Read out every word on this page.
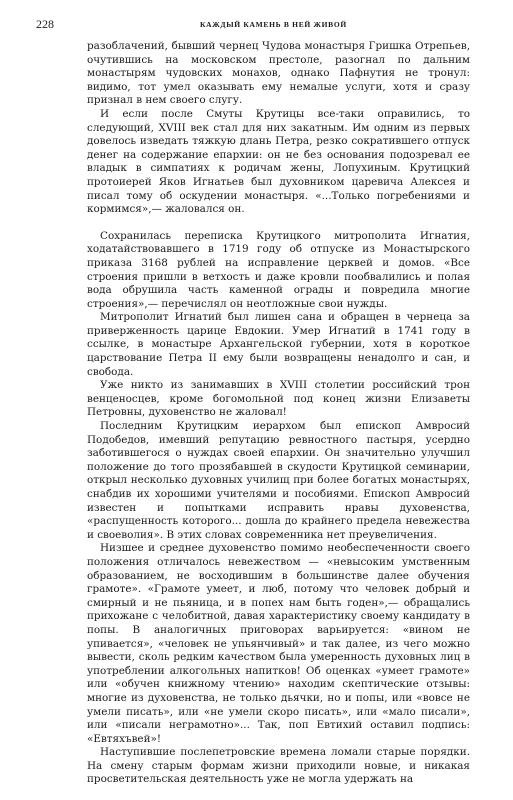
228	КАЖДЫЙ КАМЕНЬ В НЕЙ ЖИВОЙ

разоблачений, бывший чернец Чудова монастыря Гришка Отрепьев, очутившись на московском престоле, разогнал по дальним монастырям чудовских монахов, однако Пафнутия не тронул: видимо, тот умел оказывать ему немалые услуги, хотя и сразу признал в нем своего слугу.

И если после Смуты Крутицы все-таки оправились, то следующий, XVIII век стал для них закатным. Им одним из первых довелось изведать тяжкую длань Петра, резко сократившего отпуск денег на содержание епархии: он не без основания подозревал ее владык в симпатиях к родичам жены, Лопухиным. Крутицкий протоиерей Яков Игнатьев был духовником царевича Алексея и писал тому об оскудении монастыря. «...Только погребениями и кормимся»,— жаловался он.

Сохранилась переписка Крутицкого митрополита Игнатия, ходатайствовавшего в 1719 году об отпуске из Монастырского приказа 3168 рублей на исправление церквей и домов. «Все строения пришли в ветхость и даже кровли пообвалились и полая вода обрушила часть каменной ограды и повредила многие строения»,— перечислял он неотложные свои нужды.

Митрополит Игнатий был лишен сана и обращен в чернеца за приверженность царице Евдокии. Умер Игнатий в 1741 году в ссылке, в монастыре Архангельской губернии, хотя в короткое царствование Петра II ему были возвращены ненадолго и сан, и свобода.

Уже никто из занимавших в XVIII столетии российский трон венценосцев, кроме богомольной под конец жизни Елизаветы Петровны, духовенство не жаловал!

Последним Крутицким иерархом был епископ Амвросий Подобедов, имевший репутацию ревностного пастыря, усердно заботившегося о нуждах своей епархии. Он значительно улучшил положение до того прозябавшей в скудости Крутицкой семинарии, открыл несколько духовных училищ при более богатых монастырях, снабдив их хорошими учителями и пособиями. Епископ Амвросий известен и попытками исправить нравы духовенства, «распущенность которого... дошла до крайнего предела невежества и своеволия». В этих словах современника нет преувеличения.

Низшее и среднее духовенство помимо необеспеченности своего положения отличалось невежеством — «невысоким умственным образованием, не восходившим в большинстве далее обучения грамоте». «Грамоте умеет, и люб, потому что человек добрый и смирный и не пьяница, и в попех нам быть годен»,— обращались прихожане с челобитной, давая характеристику своему кандидату в попы. В аналогичных приговорах варьируется: «вином не упивается», «человек не упьянчивый» и так далее, из чего можно вывести, сколь редким качеством была умеренность духовных лиц в употреблении алкогольных напитков! Об оценках «умеет грамоте» или «обучен книжному чтению» находим скептические отзывы: многие из духовенства, не только дьячки, но и попы, или «вовсе не умели писать», или «не умели скоро писать», или «мало писали», или «писали неграмотно»... Так, поп Евтихий оставил подпись: «Евтяхъвей»!

Наступившие послепетровские времена ломали старые порядки. На смену старым формам жизни приходили новые, и никакая просветительская деятельность уже не могла удержать на
